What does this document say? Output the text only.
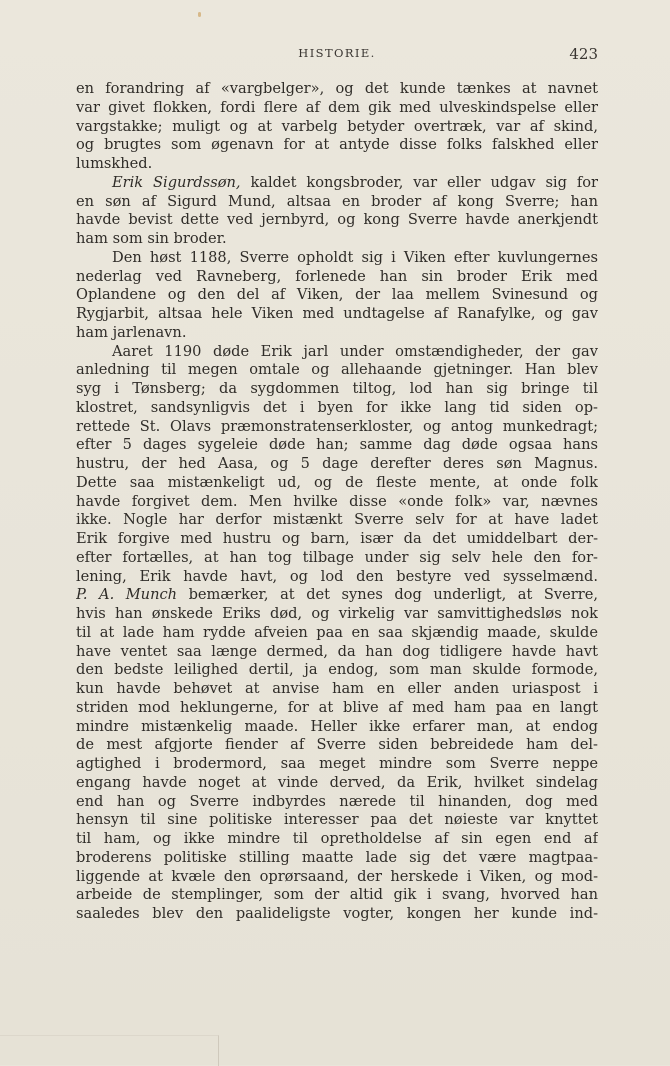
HISTORIE.	423
en forandring af «vargbelger», og det kunde tænkes at navnet
var givet flokken, fordi flere af dem gik med ulveskindspelse eller
vargstakke; muligt og at varbelg betyder overtræk, var af skind,
og brugtes som øgenavn for at antyde disse folks falskhed eller
lumskhed.
Erik Sigurdssøn, kaldet kongsbroder, var eller udgav sig for
en søn af Sigurd Mund, altsaa en broder af kong Sverre; han
havde bevist dette ved jernbyrd, og kong Sverre havde anerkjendt
ham som sin broder.
Den høst 1188, Sverre opholdt sig i Viken efter kuvlungernes
nederlag ved Ravneberg, forlenede han sin broder Erik med
Oplandene og den del af Viken, der laa mellem Svinesund og
Rygjarbit, altsaa hele Viken med undtagelse af Ranafylke, og gav
ham jarlenavn.
Aaret 1190 døde Erik jarl under omstændigheder, der gav
anledning til megen omtale og allehaande gjetninger. Han blev
syg i Tønsberg; da sygdommen tiltog, lod han sig bringe til
klostret, sandsynligvis det i byen for ikke lang tid siden op-
rettede St. Olavs præmonstratenserkloster, og antog munkedragt;
efter 5 dages sygeleie døde han; samme dag døde ogsaa hans
hustru, der hed Aasa, og 5 dage derefter deres søn Magnus.
Dette saa mistænkeligt ud, og de fleste mente, at onde folk
havde forgivet dem. Men hvilke disse «onde folk» var, nævnes
ikke. Nogle har derfor mistænkt Sverre selv for at have ladet
Erik forgive med hustru og barn, især da det umiddelbart der-
efter fortælles, at han tog tilbage under sig selv hele den for-
lening, Erik havde havt, og lod den bestyre ved sysselmænd.
P. A. Munch bemærker, at det synes dog underligt, at Sverre,
hvis han ønskede Eriks død, og virkelig var samvittighedsløs nok
til at lade ham rydde afveien paa en saa skjændig maade, skulde
have ventet saa længe dermed, da han dog tidligere havde havt
den bedste leilighed dertil, ja endog, som man skulde formode,
kun havde behøvet at anvise ham en eller anden uriaspost i
striden mod heklungerne, for at blive af med ham paa en langt
mindre mistænkelig maade. Heller ikke erfarer man, at endog
de mest afgjorte fiender af Sverre siden bebreidede ham del-
agtighed i brodermord, saa meget mindre som Sverre neppe
engang havde noget at vinde derved, da Erik, hvilket sindelag
end han og Sverre indbyrdes nærede til hinanden, dog med
hensyn til sine politiske interesser paa det nøieste var knyttet
til ham, og ikke mindre til opretholdelse af sin egen end af
broderens politiske stilling maatte lade sig det være magtpaa-
liggende at kvæle den oprørsaand, der herskede i Viken, og mod-
arbeide de stemplinger, som der altid gik i svang, hvorved han
saaledes blev den paalideligste vogter, kongen her kunde ind-
